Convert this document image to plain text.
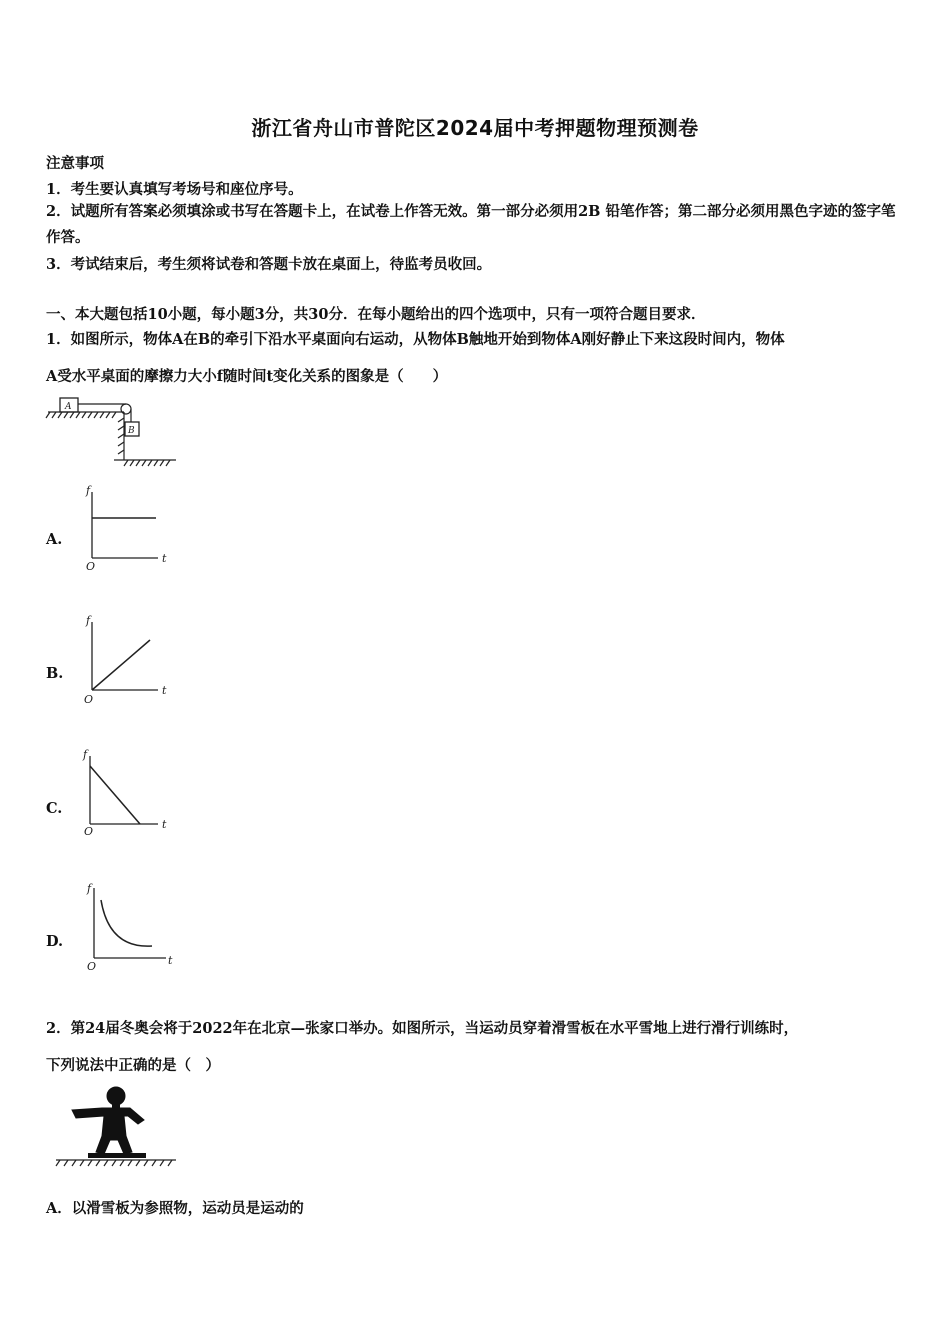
浙江省舟山市普陀区2024届中考押题物理预测卷
注意事项
1．考生要认真填写考场号和座位序号。
2．试题所有答案必须填涂或书写在答题卡上，在试卷上作答无效。第一部分必须用2B 铅笔作答；第二部分必须用黑色字迹的签字笔作答。
3．考试结束后，考生须将试卷和答题卡放在桌面上，待监考员收回。
一、本大题包括10小题，每小题3分，共30分．在每小题给出的四个选项中，只有一项符合题目要求．
1．如图所示，物体A在B的牵引下沿水平桌面向右运动，从物体B触地开始到物体A刚好静止下来这段时间内，物体
A受水平桌面的摩擦力大小f随时间t变化关系的图象是（　　）
A
B
A.
f
t
O
B.
f
t
O
C.
f
t
O
D.
f
t
O
2．第24届冬奥会将于2022年在北京—张家口举办。如图所示，当运动员穿着滑雪板在水平雪地上进行滑行训练时，
下列说法中正确的是（　）
A．以滑雪板为参照物，运动员是运动的
